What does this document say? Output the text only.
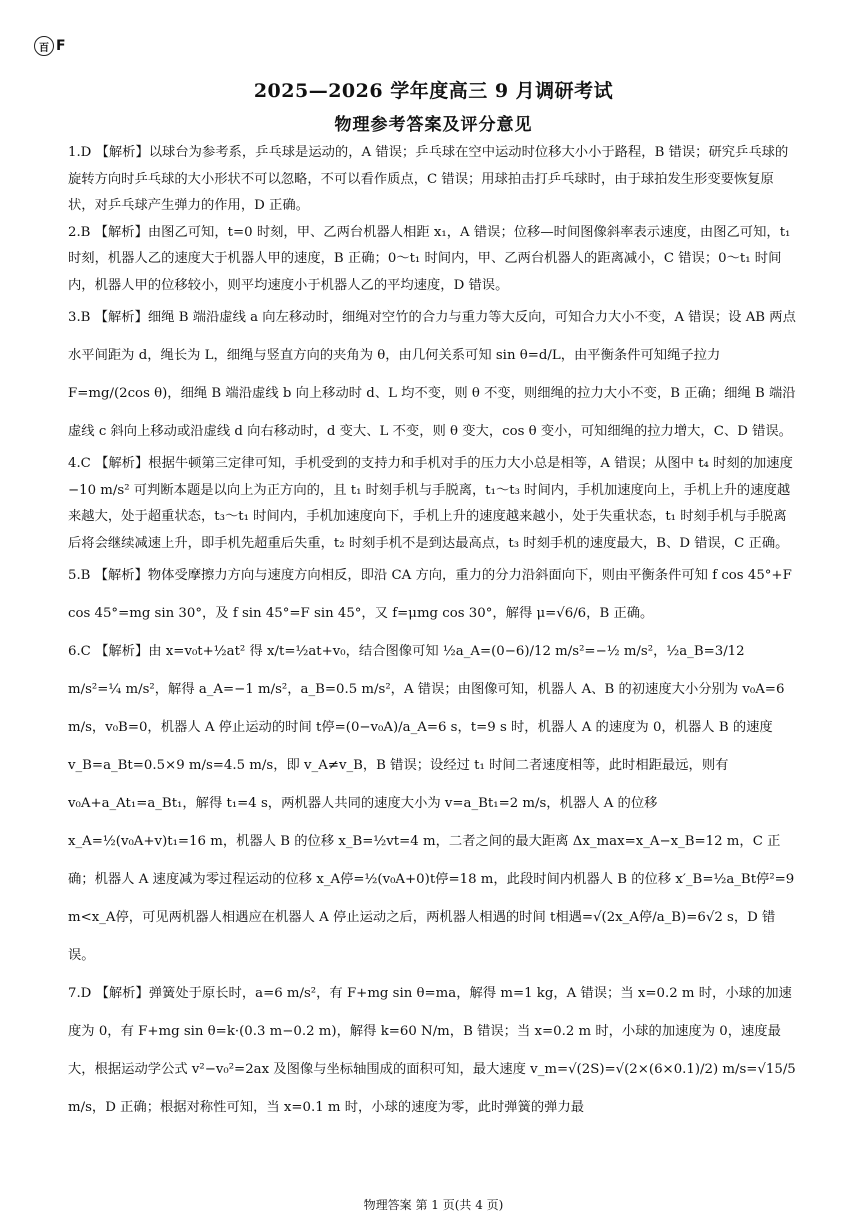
百 F
2025—2026 学年度高三 9 月调研考试
物理参考答案及评分意见

1.D 【解析】以球台为参考系，乒乓球是运动的，A 错误；乒乓球在空中运动时位移大小小于路程，B 错误；研究乒乓球的旋转方向时乒乓球的大小形状不可以忽略，不可以看作质点，C 错误；用球拍击打乒乓球时，由于球拍发生形变要恢复原状，对乒乓球产生弹力的作用，D 正确。

2.B 【解析】由图乙可知，t=0 时刻，甲、乙两台机器人相距 x₁，A 错误；位移—时间图像斜率表示速度，由图乙可知，t₁ 时刻，机器人乙的速度大于机器人甲的速度，B 正确；0～t₁ 时间内，甲、乙两台机器人的距离减小，C 错误；0～t₁ 时间内，机器人甲的位移较小，则平均速度小于机器人乙的平均速度，D 错误。

3.B 【解析】细绳 B 端沿虚线 a 向左移动时，细绳对空竹的合力与重力等大反向，可知合力大小不变，A 错误；设 AB 两点水平间距为 d，绳长为 L，细绳与竖直方向的夹角为 θ，由几何关系可知 sin θ=d/L，由平衡条件可知绳子拉力 F=mg/(2cos θ)，细绳 B 端沿虚线 b 向上移动时 d、L 均不变，则 θ 不变，则细绳的拉力大小不变，B 正确；细绳 B 端沿虚线 c 斜向上移动或沿虚线 d 向右移动时，d 变大、L 不变，则 θ 变大，cos θ 变小，可知细绳的拉力增大，C、D 错误。

4.C 【解析】根据牛顿第三定律可知，手机受到的支持力和手机对手的压力大小总是相等，A 错误；从图中 t₄ 时刻的加速度 −10 m/s² 可判断本题是以向上为正方向的，且 t₁ 时刻手机与手脱离，t₁～t₃ 时间内，手机加速度向上，手机上升的速度越来越大，处于超重状态，t₃～t₁ 时间内，手机加速度向下，手机上升的速度越来越小，处于失重状态，t₁ 时刻手机与手脱离后将会继续减速上升，即手机先超重后失重，t₂ 时刻手机不是到达最高点，t₃ 时刻手机的速度最大，B、D 错误，C 正确。

5.B 【解析】物体受摩擦力方向与速度方向相反，即沿 CA 方向，重力的分力沿斜面向下，则由平衡条件可知 f cos 45°+F cos 45°=mg sin 30°，及 f sin 45°=F sin 45°，又 f=μmg cos 30°，解得 μ=√6/6，B 正确。

6.C 【解析】由 x=v₀t+½at² 得 x/t=½at+v₀，结合图像可知 ½a_A=(0−6)/12 m/s²=−½ m/s²，½a_B=3/12 m/s²=¼ m/s²，解得 a_A=−1 m/s²，a_B=0.5 m/s²，A 错误；由图像可知，机器人 A、B 的初速度大小分别为 v₀A=6 m/s，v₀B=0，机器人 A 停止运动的时间 t停=(0−v₀A)/a_A=6 s，t=9 s 时，机器人 A 的速度为 0，机器人 B 的速度 v_B=a_Bt=0.5×9 m/s=4.5 m/s，即 v_A≠v_B，B 错误；设经过 t₁ 时间二者速度相等，此时相距最远，则有 v₀A+a_At₁=a_Bt₁，解得 t₁=4 s，两机器人共同的速度大小为 v=a_Bt₁=2 m/s，机器人 A 的位移 x_A=½(v₀A+v)t₁=16 m，机器人 B 的位移 x_B=½vt=4 m，二者之间的最大距离 Δx_max=x_A−x_B=12 m，C 正确；机器人 A 速度减为零过程运动的位移 x_A停=½(v₀A+0)t停=18 m，此段时间内机器人 B 的位移 x′_B=½a_Bt停²=9 m<x_A停，可见两机器人相遇应在机器人 A 停止运动之后，两机器人相遇的时间 t相遇=√(2x_A停/a_B)=6√2 s，D 错误。

7.D 【解析】弹簧处于原长时，a=6 m/s²，有 F+mg sin θ=ma，解得 m=1 kg，A 错误；当 x=0.2 m 时，小球的加速度为 0，有 F+mg sin θ=k·(0.3 m−0.2 m)，解得 k=60 N/m，B 错误；当 x=0.2 m 时，小球的加速度为 0，速度最大，根据运动学公式 v²−v₀²=2ax 及图像与坐标轴围成的面积可知，最大速度 v_m=√(2S)=√(2×(6×0.1)/2) m/s=√15/5 m/s，D 正确；根据对称性可知，当 x=0.1 m 时，小球的速度为零，此时弹簧的弹力最

物理答案 第 1 页(共 4 页)
